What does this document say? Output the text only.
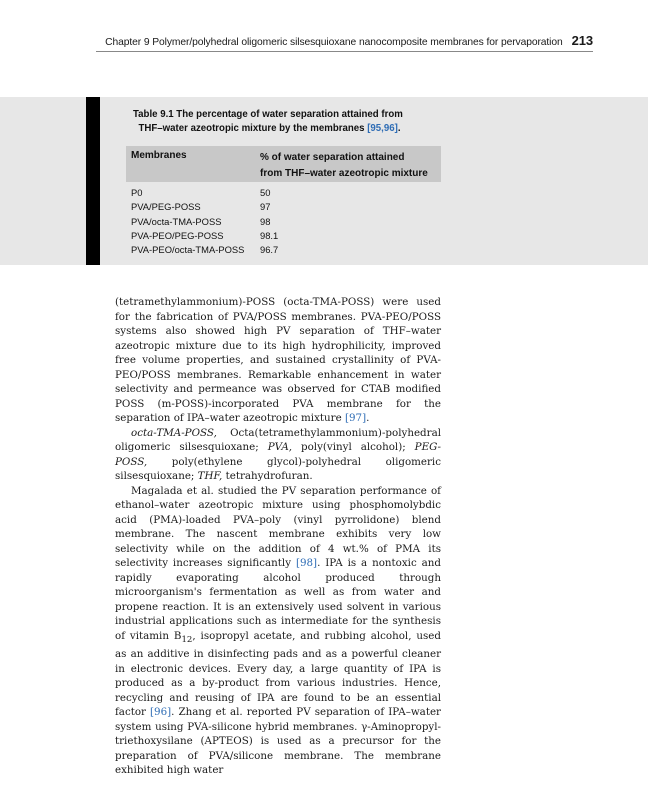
Chapter 9 Polymer/polyhedral oligomeric silsesquioxane nanocomposite membranes for pervaporation 213
Table 9.1 The percentage of water separation attained from
THF–water azeotropic mixture by the membranes [95,96].
Membranes	% of water separation attained
from THF–water azeotropic mixture
P0	50
PVA/PEG-POSS	97
PVA/octa-TMA-POSS	98
PVA-PEO/PEG-POSS	98.1
PVA-PEO/octa-TMA-POSS 96.7

(tetramethylammonium)-POSS (octa-TMA-POSS) were used for the fabrication of PVA/POSS membranes. PVA-PEO/POSS systems also showed high PV separation of THF–water azeotropic mixture due to its high hydrophilicity, improved free volume properties, and sustained crystallinity of PVA-PEO/POSS membranes. Remarkable enhancement in water selectivity and permeance was observed for CTAB modified POSS (m-POSS)-incorporated PVA membrane for the separation of IPA–water azeotropic mixture [97].

octa-TMA-POSS, Octa(tetramethylammonium)-polyhedral oligomeric silsesquioxane; PVA, poly(vinyl alcohol); PEG-POSS, poly(ethylene glycol)-polyhedral oligomeric silsesquioxane; THF, tetrahydrofuran.

Magalada et al. studied the PV separation performance of ethanol–water azeotropic mixture using phosphomolybdic acid (PMA)-loaded PVA–poly (vinyl pyrrolidone) blend membrane. The nascent membrane exhibits very low selectivity while on the addition of 4 wt.% of PMA its selectivity increases significantly [98]. IPA is a nontoxic and rapidly evaporating alcohol produced through microorganism's fermentation as well as from water and propene reaction. It is an extensively used solvent in various industrial applications such as intermediate for the synthesis of vitamin $B_{12}$, isopropyl acetate, and rubbing alcohol, used as an additive in disinfecting pads and as a powerful cleaner in electronic devices. Every day, a large quantity of IPA is produced as a by-product from various industries. Hence, recycling and reusing of IPA are found to be an essential factor [96]. Zhang et al. reported PV separation of IPA–water system using PVA-silicone hybrid membranes. γ-Aminopropyl-triethoxysilane (APTEOS) is used as a precursor for the preparation of PVA/silicone membrane. The membrane exhibited high water
